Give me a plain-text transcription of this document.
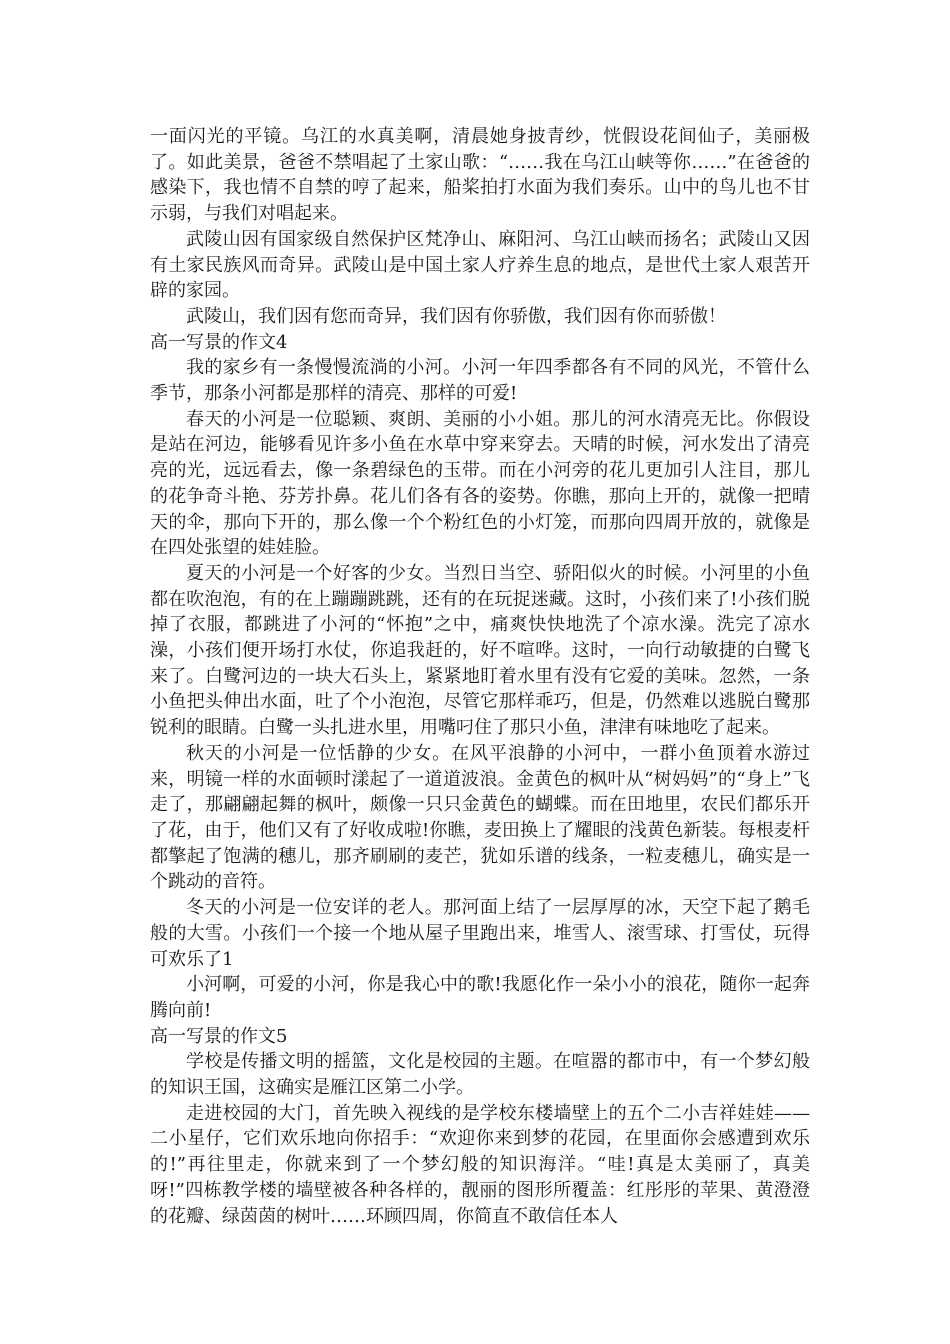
一面闪光的平镜。乌江的水真美啊，清晨她身披青纱，恍假设花间仙子，美丽极了。如此美景，爸爸不禁唱起了土家山歌：“……我在乌江山峡等你……”在爸爸的感染下，我也情不自禁的哼了起来，船桨拍打水面为我们奏乐。山中的鸟儿也不甘示弱，与我们对唱起来。

武陵山因有国家级自然保护区梵净山、麻阳河、乌江山峡而扬名；武陵山又因有土家民族风而奇异。武陵山是中国土家人疗养生息的地点，是世代土家人艰苦开辟的家园。

武陵山，我们因有您而奇异，我们因有你骄傲，我们因有你而骄傲！

高一写景的作文4

我的家乡有一条慢慢流淌的小河。小河一年四季都各有不同的风光，不管什么季节，那条小河都是那样的清亮、那样的可爱!

春天的小河是一位聪颖、爽朗、美丽的小小姐。那儿的河水清亮无比。你假设是站在河边，能够看见许多小鱼在水草中穿来穿去。天晴的时候，河水发出了清亮亮的光，远远看去，像一条碧绿色的玉带。而在小河旁的花儿更加引人注目，那儿的花争奇斗艳、芬芳扑鼻。花儿们各有各的姿势。你瞧，那向上开的，就像一把晴天的伞，那向下开的，那么像一个个粉红色的小灯笼，而那向四周开放的，就像是在四处张望的娃娃脸。

夏天的小河是一个好客的少女。当烈日当空、骄阳似火的时候。小河里的小鱼都在吹泡泡，有的在上蹦蹦跳跳，还有的在玩捉迷藏。这时，小孩们来了!小孩们脱掉了衣服，都跳进了小河的“怀抱”之中，痛爽快快地洗了个凉水澡。洗完了凉水澡，小孩们便开场打水仗，你追我赶的，好不喧哗。这时，一向行动敏捷的白鹭飞来了。白鹭河边的一块大石头上，紧紧地盯着水里有没有它爱的美味。忽然，一条小鱼把头伸出水面，吐了个小泡泡，尽管它那样乖巧，但是，仍然难以逃脱白鹭那锐利的眼睛。白鹭一头扎进水里，用嘴叼住了那只小鱼，津津有味地吃了起来。

秋天的小河是一位恬静的少女。在风平浪静的小河中，一群小鱼顶着水游过来，明镜一样的水面顿时漾起了一道道波浪。金黄色的枫叶从“树妈妈”的“身上”飞走了，那翩翩起舞的枫叶，颇像一只只金黄色的蝴蝶。而在田地里，农民们都乐开了花，由于，他们又有了好收成啦!你瞧，麦田换上了耀眼的浅黄色新装。每根麦杆都擎起了饱满的穗儿，那齐刷刷的麦芒，犹如乐谱的线条，一粒麦穗儿，确实是一个跳动的音符。

冬天的小河是一位安详的老人。那河面上结了一层厚厚的冰，天空下起了鹅毛般的大雪。小孩们一个接一个地从屋子里跑出来，堆雪人、滚雪球、打雪仗，玩得可欢乐了1

小河啊，可爱的小河，你是我心中的歌!我愿化作一朵小小的浪花，随你一起奔腾向前!

高一写景的作文5

学校是传播文明的摇篮，文化是校园的主题。在喧嚣的都市中，有一个梦幻般的知识王国，这确实是雁江区第二小学。

走进校园的大门，首先映入视线的是学校东楼墙壁上的五个二小吉祥娃娃——二小星仔，它们欢乐地向你招手：“欢迎你来到梦的花园，在里面你会感遭到欢乐的!”再往里走，你就来到了一个梦幻般的知识海洋。“哇!真是太美丽了，真美呀!”四栋教学楼的墙壁被各种各样的，靓丽的图形所覆盖：红彤彤的苹果、黄澄澄的花瓣、绿茵茵的树叶……环顾四周，你简直不敢信任本人
